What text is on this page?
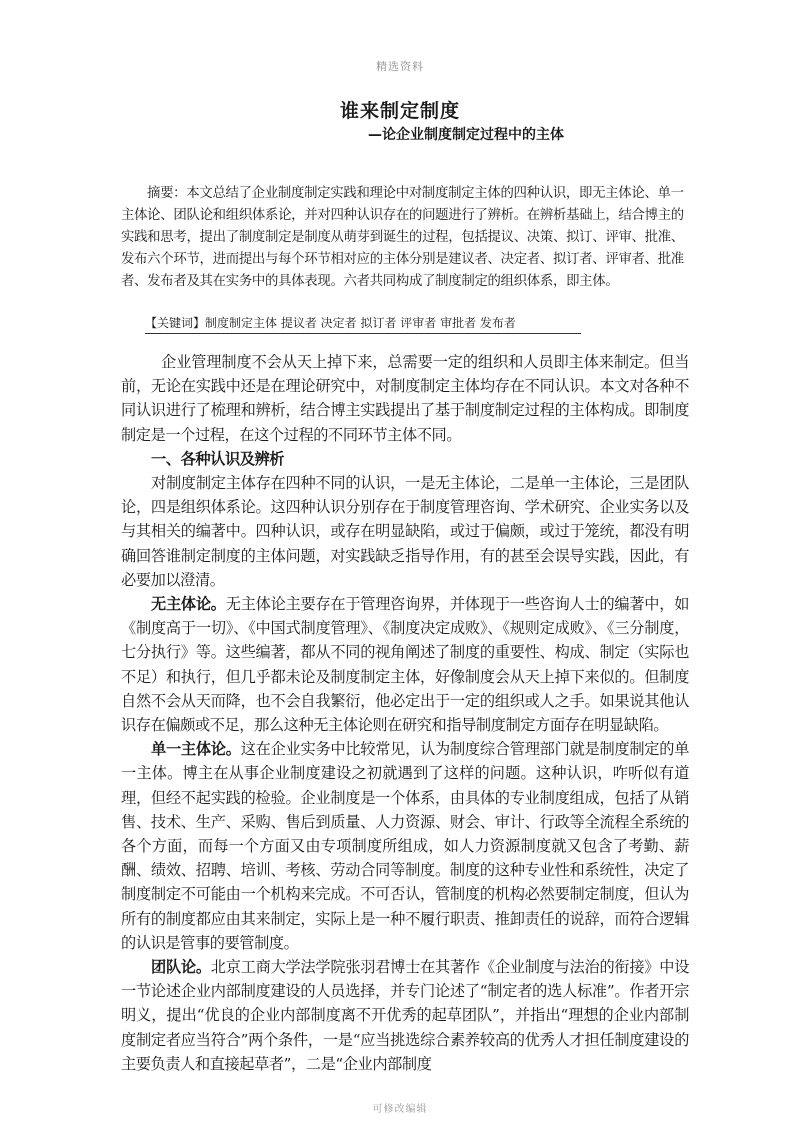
精选资料
谁来制定制度
—论企业制度制定过程中的主体
摘要：本文总结了企业制度制定实践和理论中对制度制定主体的四种认识，即无主体论、单一主体论、团队论和组织体系论，并对四种认识存在的问题进行了辨析。在辨析基础上，结合博主的实践和思考，提出了制度制定是制度从萌芽到诞生的过程，包括提议、决策、拟订、评审、批准、发布六个环节，进而提出与每个环节相对应的主体分别是建议者、决定者、拟订者、评审者、批准者、发布者及其在实务中的具体表现。六者共同构成了制度制定的组织体系，即主体。
【关键词】制度制定主体 提议者 决定者 拟订者 评审者 审批者 发布者

企业管理制度不会从天上掉下来，总需要一定的组织和人员即主体来制定。但当前，无论在实践中还是在理论研究中，对制度制定主体均存在不同认识。本文对各种不同认识进行了梳理和辨析，结合博主实践提出了基于制度制定过程的主体构成。即制度制定是一个过程，在这个过程的不同环节主体不同。

一、各种认识及辨析

对制度制定主体存在四种不同的认识，一是无主体论，二是单一主体论，三是团队论，四是组织体系论。这四种认识分别存在于制度管理咨询、学术研究、企业实务以及与其相关的编著中。四种认识，或存在明显缺陷，或过于偏颇，或过于笼统，都没有明确回答谁制定制度的主体问题，对实践缺乏指导作用，有的甚至会误导实践，因此，有必要加以澄清。

无主体论。无主体论主要存在于管理咨询界，并体现于一些咨询人士的编著中，如《制度高于一切》、《中国式制度管理》、《制度决定成败》、《规则定成败》、《三分制度，七分执行》等。这些编著，都从不同的视角阐述了制度的重要性、构成、制定（实际也不足）和执行，但几乎都未论及制度制定主体，好像制度会从天上掉下来似的。但制度自然不会从天而降，也不会自我繁衍，他必定出于一定的组织或人之手。如果说其他认识存在偏颇或不足，那么这种无主体论则在研究和指导制度制定方面存在明显缺陷。

单一主体论。这在企业实务中比较常见，认为制度综合管理部门就是制度制定的单一主体。博主在从事企业制度建设之初就遇到了这样的问题。这种认识，咋听似有道理，但经不起实践的检验。企业制度是一个体系，由具体的专业制度组成，包括了从销售、技术、生产、采购、售后到质量、人力资源、财会、审计、行政等全流程全系统的各个方面，而每一个方面又由专项制度所组成，如人力资源制度就又包含了考勤、薪酬、绩效、招聘、培训、考核、劳动合同等制度。制度的这种专业性和系统性，决定了制度制定不可能由一个机构来完成。不可否认，管制度的机构必然要制定制度，但认为所有的制度都应由其来制定，实际上是一种不履行职责、推卸责任的说辞，而符合逻辑的认识是管事的要管制度。

团队论。北京工商大学法学院张羽君博士在其著作《企业制度与法治的衔接》中设一节论述企业内部制度建设的人员选择，并专门论述了“制定者的选人标准”。作者开宗明义，提出“优良的企业内部制度离不开优秀的起草团队”，并指出“理想的企业内部制度制定者应当符合”两个条件，一是“应当挑选综合素养较高的优秀人才担任制度建设的主要负责人和直接起草者”，二是“企业内部制度

可修改编辑
